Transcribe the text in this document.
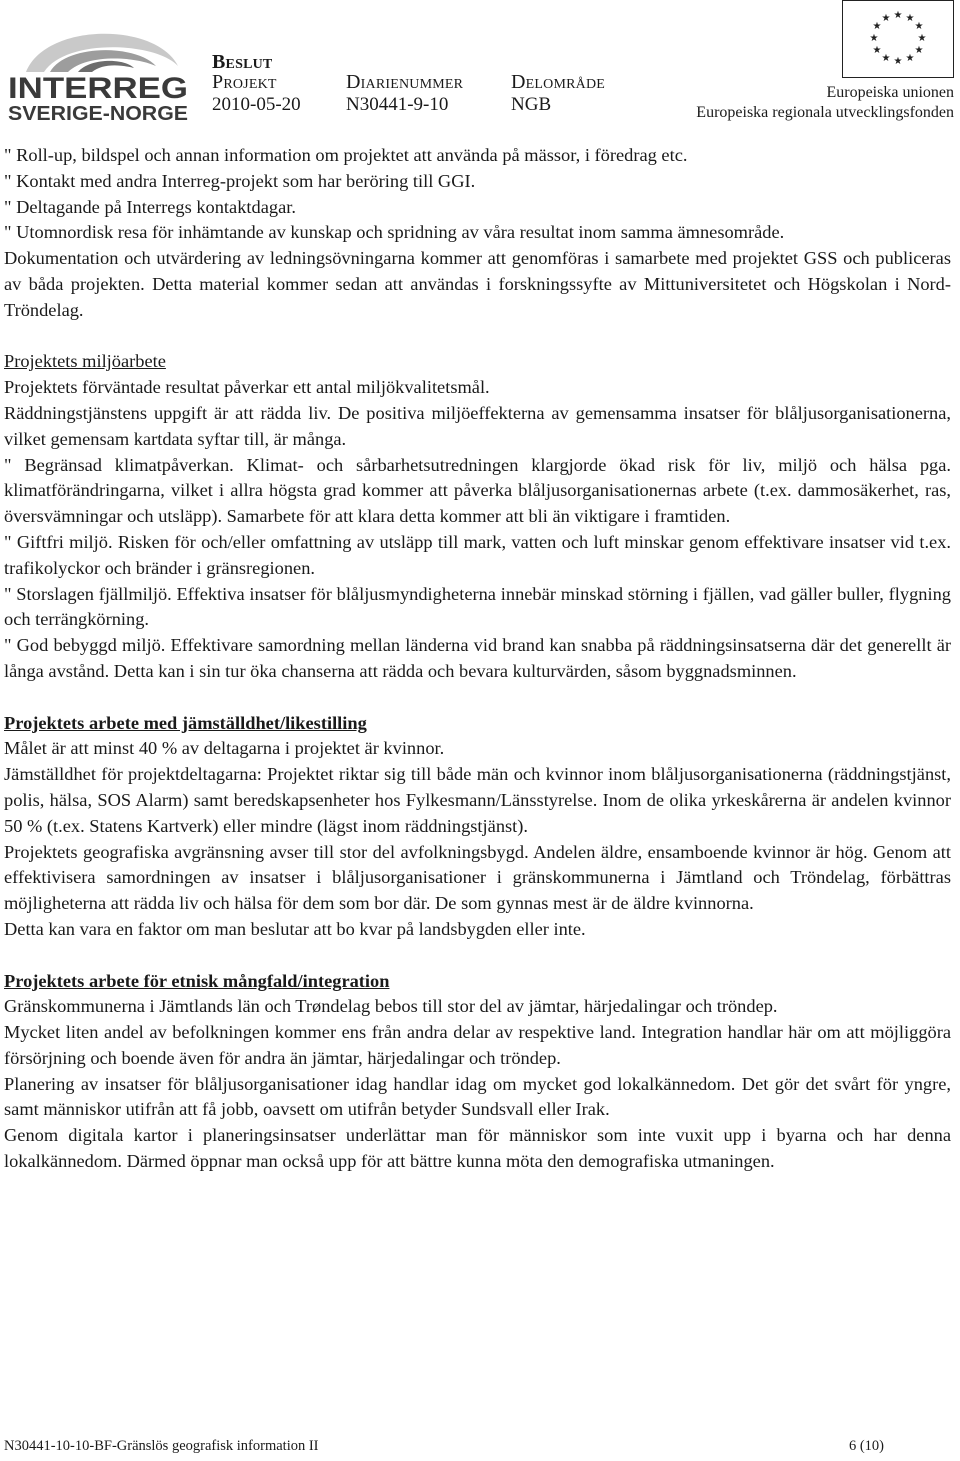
INTERREG
SVERIGE-NORGE
Beslut
Projekt
2010-05-20
Diarienummer
N30441-9-10
Delområde
NGB
★ ★
★
★
★
★
★
★
★
★
★
★
Europeiska unionen
Europeiska regionala utvecklingsfonden

" Roll-up, bildspel och annan information om projektet att använda på mässor, i föredrag etc.

" Kontakt med andra Interreg-projekt som har beröring till GGI.

" Deltagande på Interregs kontaktdagar.

" Utomnordisk resa för inhämtande av kunskap och spridning av våra resultat inom samma ämnesområde.

Dokumentation och utvärdering av ledningsövningarna kommer att genomföras i samarbete med projektet GSS och publiceras av båda projekten. Detta material kommer sedan att användas i forskningssyfte av Mittuniversitetet och Högskolan i Nord-Tröndelag.

Projektets miljöarbete

Projektets förväntade resultat påverkar ett antal miljökvalitetsmål.

Räddningstjänstens uppgift är att rädda liv. De positiva miljöeffekterna av gemensamma insatser för blåljusorganisationerna, vilket gemensam kartdata syftar till, är många.

" Begränsad klimatpåverkan. Klimat- och sårbarhetsutredningen klargjorde ökad risk för liv, miljö och hälsa pga. klimatförändringarna, vilket i allra högsta grad kommer att påverka blåljusorganisationernas arbete (t.ex. dammosäkerhet, ras, översvämningar och utsläpp). Samarbete för att klara detta kommer att bli än viktigare i framtiden.

" Giftfri miljö. Risken för och/eller omfattning av utsläpp till mark, vatten och luft minskar genom effektivare insatser vid t.ex. trafikolyckor och bränder i gränsregionen.

" Storslagen fjällmiljö. Effektiva insatser för blåljusmyndigheterna innebär minskad störning i fjällen, vad gäller buller, flygning och terrängkörning.

" God bebyggd miljö. Effektivare samordning mellan länderna vid brand kan snabba på räddningsinsatserna där det generellt är långa avstånd. Detta kan i sin tur öka chanserna att rädda och bevara kulturvärden, såsom byggnadsminnen.

Projektets arbete med jämställdhet/likestilling

Målet är att minst 40 % av deltagarna i projektet är kvinnor.

Jämställdhet för projektdeltagarna: Projektet riktar sig till både män och kvinnor inom blåljusorganisationerna (räddningstjänst, polis, hälsa, SOS Alarm) samt beredskapsenheter hos Fylkesmann/Länsstyrelse. Inom de olika yrkeskårerna är andelen kvinnor 50 % (t.ex. Statens Kartverk) eller mindre (lägst inom räddningstjänst).

Projektets geografiska avgränsning avser till stor del avfolkningsbygd. Andelen äldre, ensamboende kvinnor är hög. Genom att effektivisera samordningen av insatser i blåljusorganisationer i gränskommunerna i Jämtland och Tröndelag, förbättras möjligheterna att rädda liv och hälsa för dem som bor där. De som gynnas mest är de äldre kvinnorna.

Detta kan vara en faktor om man beslutar att bo kvar på landsbygden eller inte.

Projektets arbete för etnisk mångfald/integration

Gränskommunerna i Jämtlands län och Trøndelag bebos till stor del av jämtar, härjedalingar och tröndер.

Mycket liten andel av befolkningen kommer ens från andra delar av respektive land. Integration handlar här om att möjliggöra försörjning och boende även för andra än jämtar, härjedalingar och tröndер.

Planering av insatser för blåljusorganisationer idag handlar idag om mycket god lokalkännedom. Det gör det svårt för yngre, samt människor utifrån att få jobb, oavsett om utifrån betyder Sundsvall eller Irak.

Genom digitala kartor i planeringsinsatser underlättar man för människor som inte vuxit upp i byarna och har denna lokalkännedom. Därmed öppnar man också upp för att bättre kunna möta den demografiska utmaningen.

N30441-10-10-BF-Gränslös geografisk information II	6 (10)
